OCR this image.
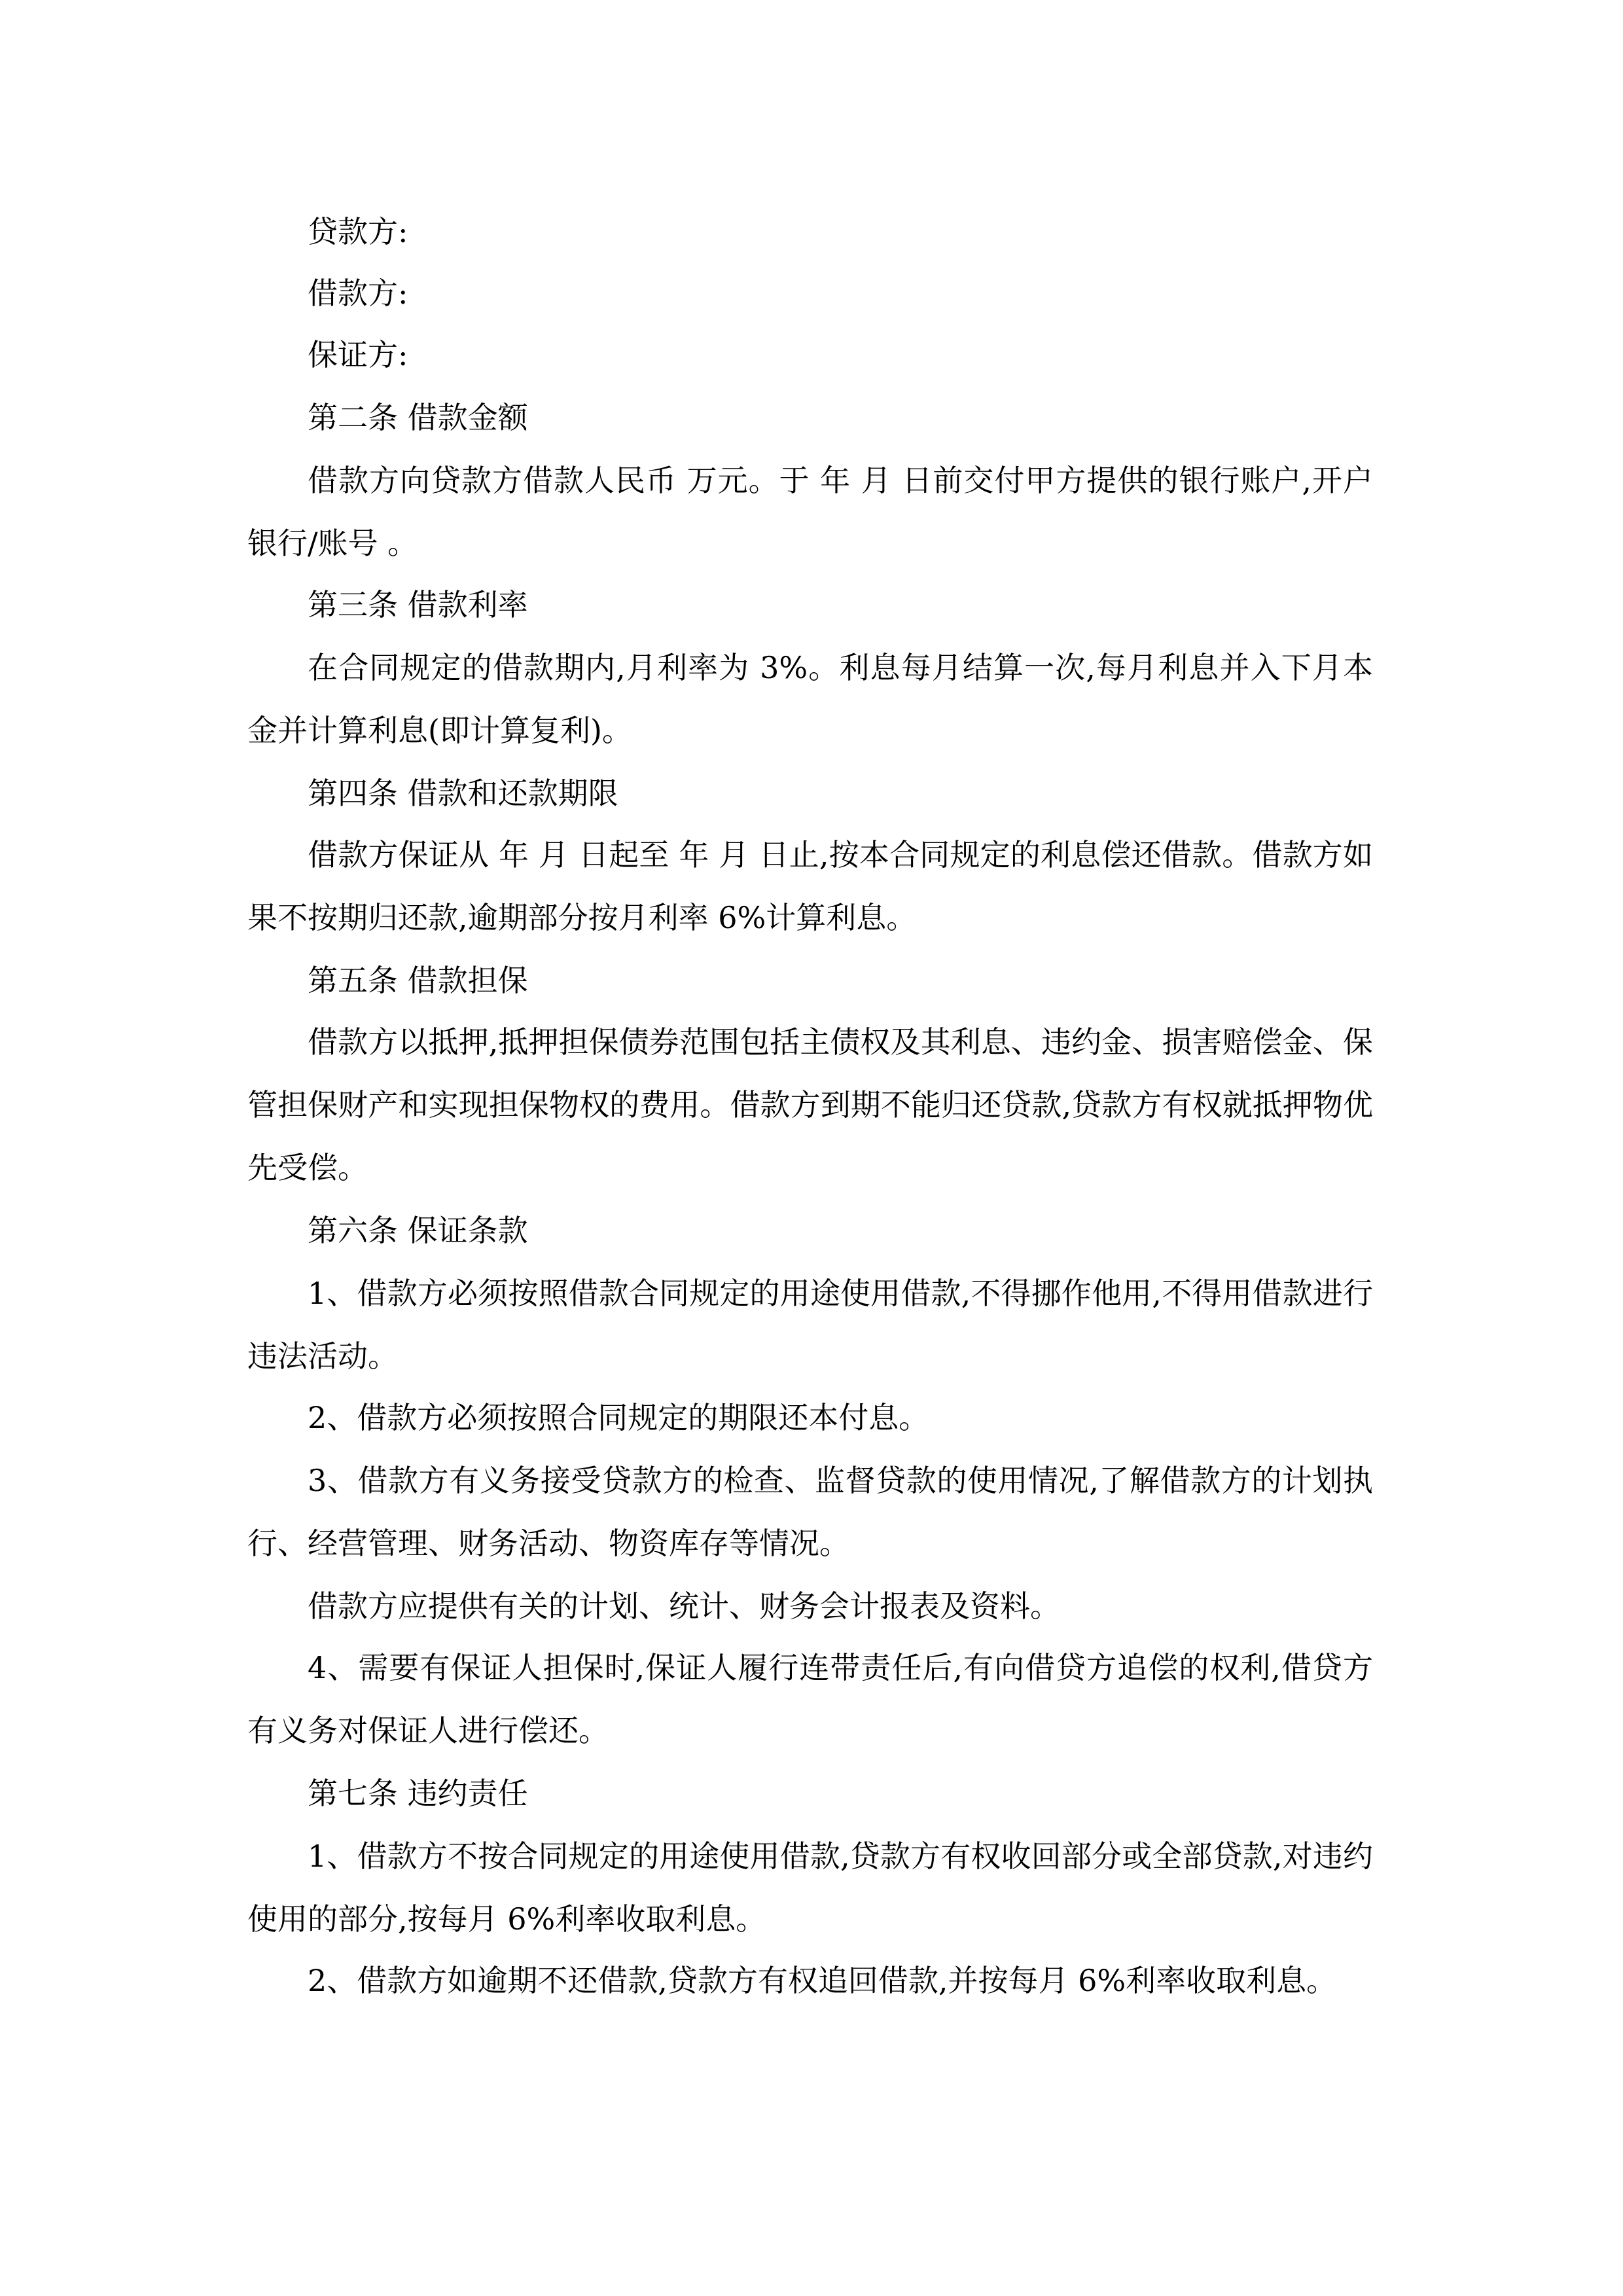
贷款方:

借款方:

保证方:

第二条 借款金额

借款方向贷款方借款人民币 万元。于 年 月 日前交付甲方提供的银行账户,开户银行/账号 。

第三条 借款利率

在合同规定的借款期内,月利率为 3%。利息每月结算一次,每月利息并入下月本金并计算利息(即计算复利)。

第四条 借款和还款期限

借款方保证从 年 月 日起至 年 月 日止,按本合同规定的利息偿还借款。借款方如果不按期归还款,逾期部分按月利率 6%计算利息。

第五条 借款担保

借款方以抵押,抵押担保债券范围包括主债权及其利息、违约金、损害赔偿金、保管担保财产和实现担保物权的费用。借款方到期不能归还贷款,贷款方有权就抵押物优先受偿。

第六条 保证条款

1、借款方必须按照借款合同规定的用途使用借款,不得挪作他用,不得用借款进行违法活动。

2、借款方必须按照合同规定的期限还本付息。

3、借款方有义务接受贷款方的检查、监督贷款的使用情况,了解借款方的计划执行、经营管理、财务活动、物资库存等情况。

借款方应提供有关的计划、统计、财务会计报表及资料。

4、需要有保证人担保时,保证人履行连带责任后,有向借贷方追偿的权利,借贷方有义务对保证人进行偿还。

第七条 违约责任

1、借款方不按合同规定的用途使用借款,贷款方有权收回部分或全部贷款,对违约使用的部分,按每月 6%利率收取利息。

2、借款方如逾期不还借款,贷款方有权追回借款,并按每月 6%利率收取利息。
